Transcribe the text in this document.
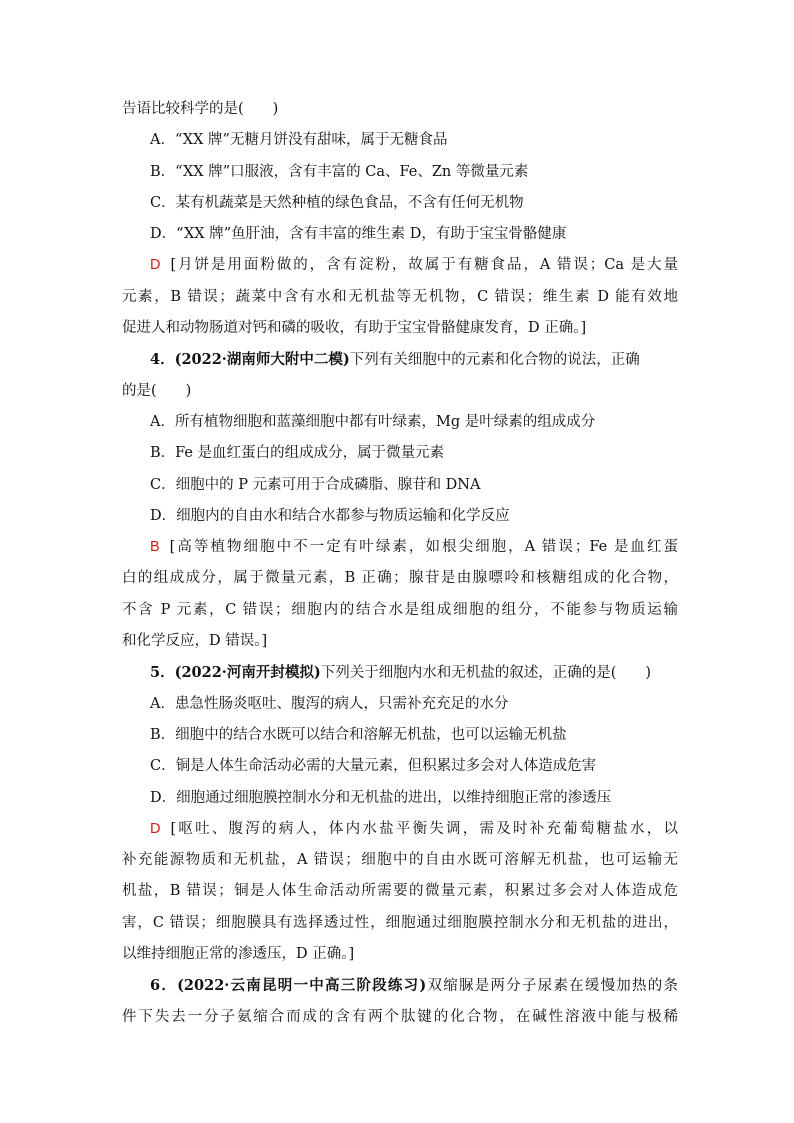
告语比较科学的是(　　)
A．“XX 牌”无糖月饼没有甜味，属于无糖食品
B．“XX 牌”口服液，含有丰富的 Ca、Fe、Zn 等微量元素
C．某有机蔬菜是天然种植的绿色食品，不含有任何无机物
D．“XX 牌”鱼肝油，含有丰富的维生素 D，有助于宝宝骨骼健康
D [月饼是用面粉做的，含有淀粉，故属于有糖食品，A 错误；Ca 是大量
元素，B 错误；蔬菜中含有水和无机盐等无机物，C 错误；维生素 D 能有效地
促进人和动物肠道对钙和磷的吸收，有助于宝宝骨骼健康发育，D 正确。]
4．(2022·湖南师大附中二模)下列有关细胞中的元素和化合物的说法，正确
的是(　　)
A．所有植物细胞和蓝藻细胞中都有叶绿素，Mg 是叶绿素的组成成分
B．Fe 是血红蛋白的组成成分，属于微量元素
C．细胞中的 P 元素可用于合成磷脂、腺苷和 DNA
D．细胞内的自由水和结合水都参与物质运输和化学反应
B [高等植物细胞中不一定有叶绿素，如根尖细胞，A 错误；Fe 是血红蛋
白的组成成分，属于微量元素，B 正确；腺苷是由腺嘌呤和核糖组成的化合物，
不含 P 元素，C 错误；细胞内的结合水是组成细胞的组分，不能参与物质运输
和化学反应，D 错误。]
5．(2022·河南开封模拟)下列关于细胞内水和无机盐的叙述，正确的是(　　)
A．患急性肠炎呕吐、腹泻的病人，只需补充充足的水分
B．细胞中的结合水既可以结合和溶解无机盐，也可以运输无机盐
C．铜是人体生命活动必需的大量元素，但积累过多会对人体造成危害
D．细胞通过细胞膜控制水分和无机盐的进出，以维持细胞正常的渗透压
D [呕吐、腹泻的病人，体内水盐平衡失调，需及时补充葡萄糖盐水，以
补充能源物质和无机盐，A 错误；细胞中的自由水既可溶解无机盐，也可运输无
机盐，B 错误；铜是人体生命活动所需要的微量元素，积累过多会对人体造成危
害，C 错误；细胞膜具有选择透过性，细胞通过细胞膜控制水分和无机盐的进出，
以维持细胞正常的渗透压，D 正确。]
6．(2022·云南昆明一中高三阶段练习)双缩脲是两分子尿素在缓慢加热的条
件下失去一分子氨缩合而成的含有两个肽键的化合物，在碱性溶液中能与极稀
